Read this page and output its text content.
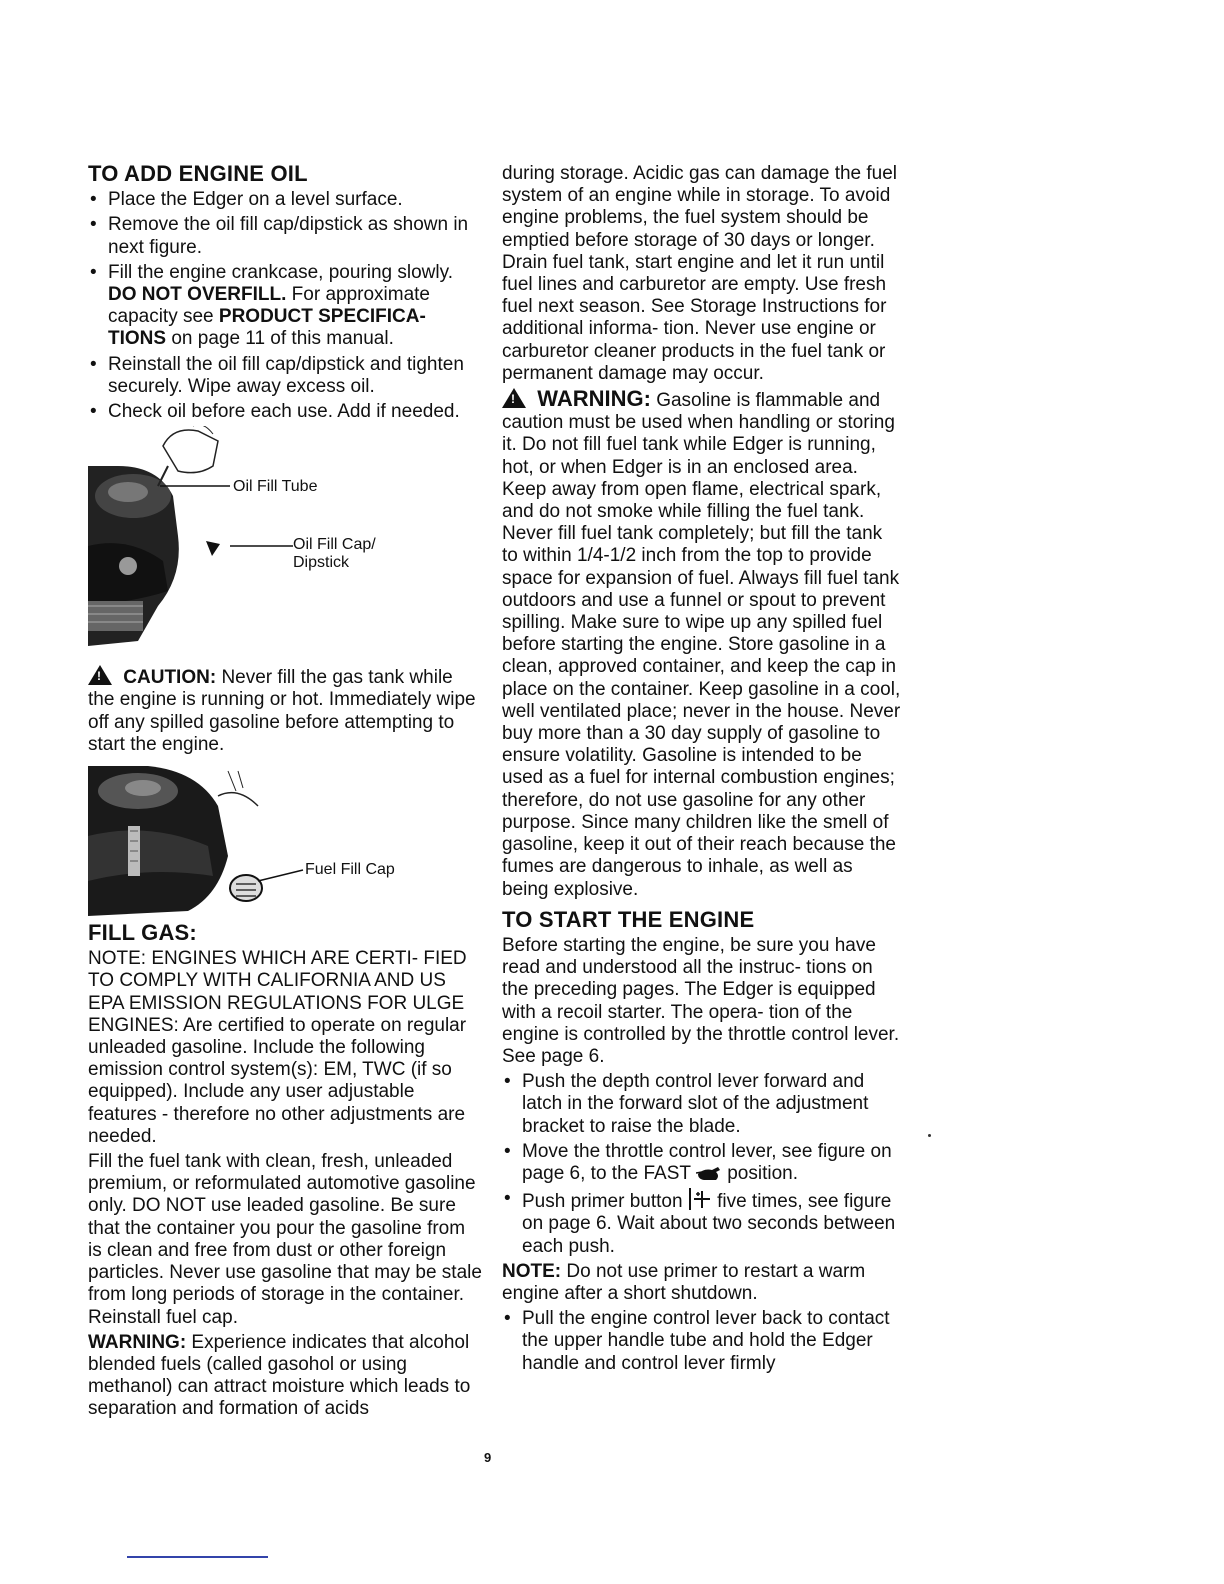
TO ADD ENGINE OIL
• Place the Edger on a level surface.
• Remove the oil fill cap/dipstick as shown in next figure.
• Fill the engine crankcase, pouring slowly. DO NOT OVERFILL. For approximate capacity see PRODUCT SPECIFICA- TIONS on page 11 of this manual.
• Reinstall the oil fill cap/dipstick and tighten securely. Wipe away excess oil.
• Check oil before each use. Add if needed.
Oil Fill Tube
Oil Fill Cap/
Dipstick

! CAUTION: Never fill the gas tank while the engine is running or hot. Immediately wipe off any spilled gasoline before attempting to start the engine.

Fuel Fill Cap
FILL GAS:

NOTE: ENGINES WHICH ARE CERTI- FIED TO COMPLY WITH CALIFORNIA AND US EPA EMISSION REGULATIONS FOR ULGE ENGINES: Are certified to operate on regular unleaded gasoline. Include the following emission control system(s): EM, TWC (if so equipped). Include any user adjustable features - therefore no other adjustments are needed.

Fill the fuel tank with clean, fresh, unleaded premium, or reformulated automotive gasoline only. DO NOT use leaded gasoline. Be sure that the container you pour the gasoline from is clean and free from dust or other foreign particles. Never use gasoline that may be stale from long periods of storage in the container. Reinstall fuel cap.

WARNING: Experience indicates that alcohol blended fuels (called gasohol or using methanol) can attract moisture which leads to separation and formation of acids

during storage. Acidic gas can damage the fuel system of an engine while in storage. To avoid engine problems, the fuel system should be emptied before storage of 30 days or longer. Drain fuel tank, start engine and let it run until fuel lines and carburetor are empty. Use fresh fuel next season. See Storage Instructions for additional informa- tion. Never use engine or carburetor cleaner products in the fuel tank or permanent damage may occur.

! WARNING: Gasoline is flammable and caution must be used when handling or storing it. Do not fill fuel tank while Edger is running, hot, or when Edger is in an enclosed area. Keep away from open flame, electrical spark, and do not smoke while filling the fuel tank. Never fill fuel tank completely; but fill the tank to within 1/4-1/2 inch from the top to provide space for expansion of fuel. Always fill fuel tank outdoors and use a funnel or spout to prevent spilling. Make sure to wipe up any spilled fuel before starting the engine. Store gasoline in a clean, approved container, and keep the cap in place on the container. Keep gasoline in a cool, well ventilated place; never in the house. Never buy more than a 30 day supply of gasoline to ensure volatility. Gasoline is intended to be used as a fuel for internal combustion engines; therefore, do not use gasoline for any other purpose. Since many children like the smell of gasoline, keep it out of their reach because the fumes are dangerous to inhale, as well as being explosive.

TO START THE ENGINE

Before starting the engine, be sure you have read and understood all the instruc- tions on the preceding pages. The Edger is equipped with a recoil starter. The opera- tion of the engine is controlled by the throttle control lever. See page 6.

• Push the depth control lever forward and latch in the forward slot of the adjustment bracket to raise the blade.
• Move the throttle control lever, see figure on page 6, to the FAST  position.
• Push primer button  five times, see figure on page 6. Wait about two seconds between each push.

NOTE: Do not use primer to restart a warm engine after a short shutdown.

• Pull the engine control lever back to contact the upper handle tube and hold the Edger handle and control lever firmly
9
